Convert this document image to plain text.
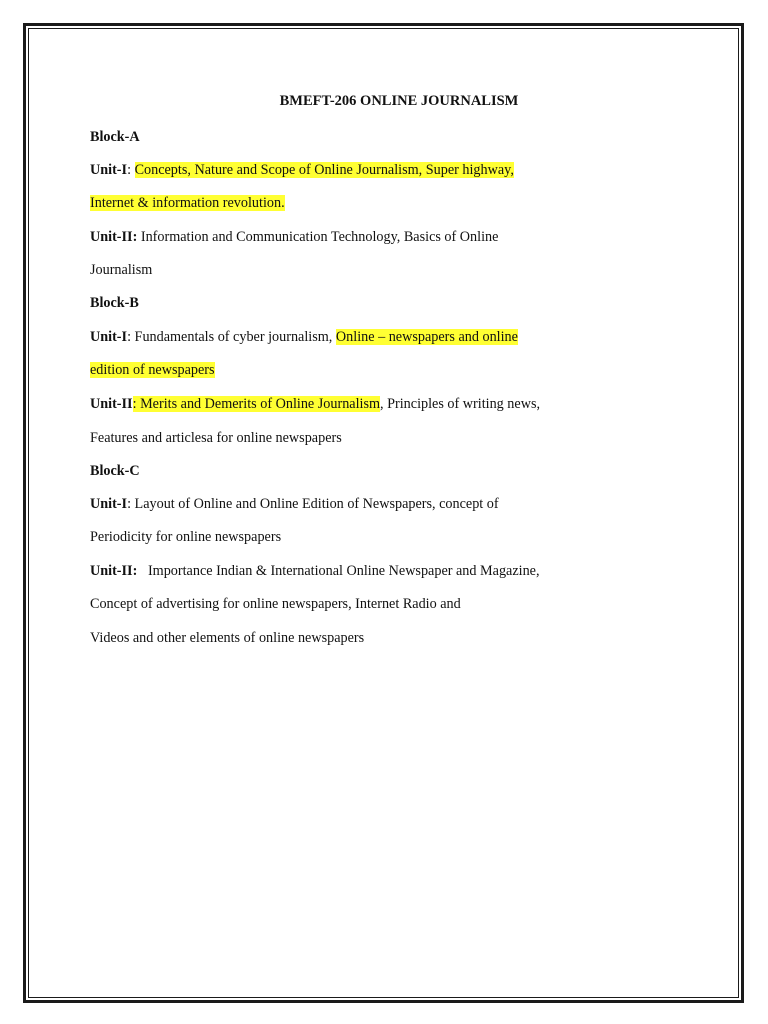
BMEFT-206 ONLINE JOURNALISM
Block-A
Unit-I: Concepts, Nature and Scope of Online Journalism, Super highway,
Internet & information revolution.
Unit-II: Information and Communication Technology, Basics of Online
Journalism
Block-B
Unit-I: Fundamentals of cyber journalism, Online – newspapers and online
edition of newspapers
Unit-II: Merits and Demerits of Online Journalism, Principles of writing news,
Features and articlesa for online newspapers
Block-C
Unit-I: Layout of Online and Online Edition of Newspapers, concept of
Periodicity for online newspapers
Unit-II:   Importance Indian & International Online Newspaper and Magazine,
Concept of advertising for online newspapers, Internet Radio and
Videos and other elements of online newspapers
